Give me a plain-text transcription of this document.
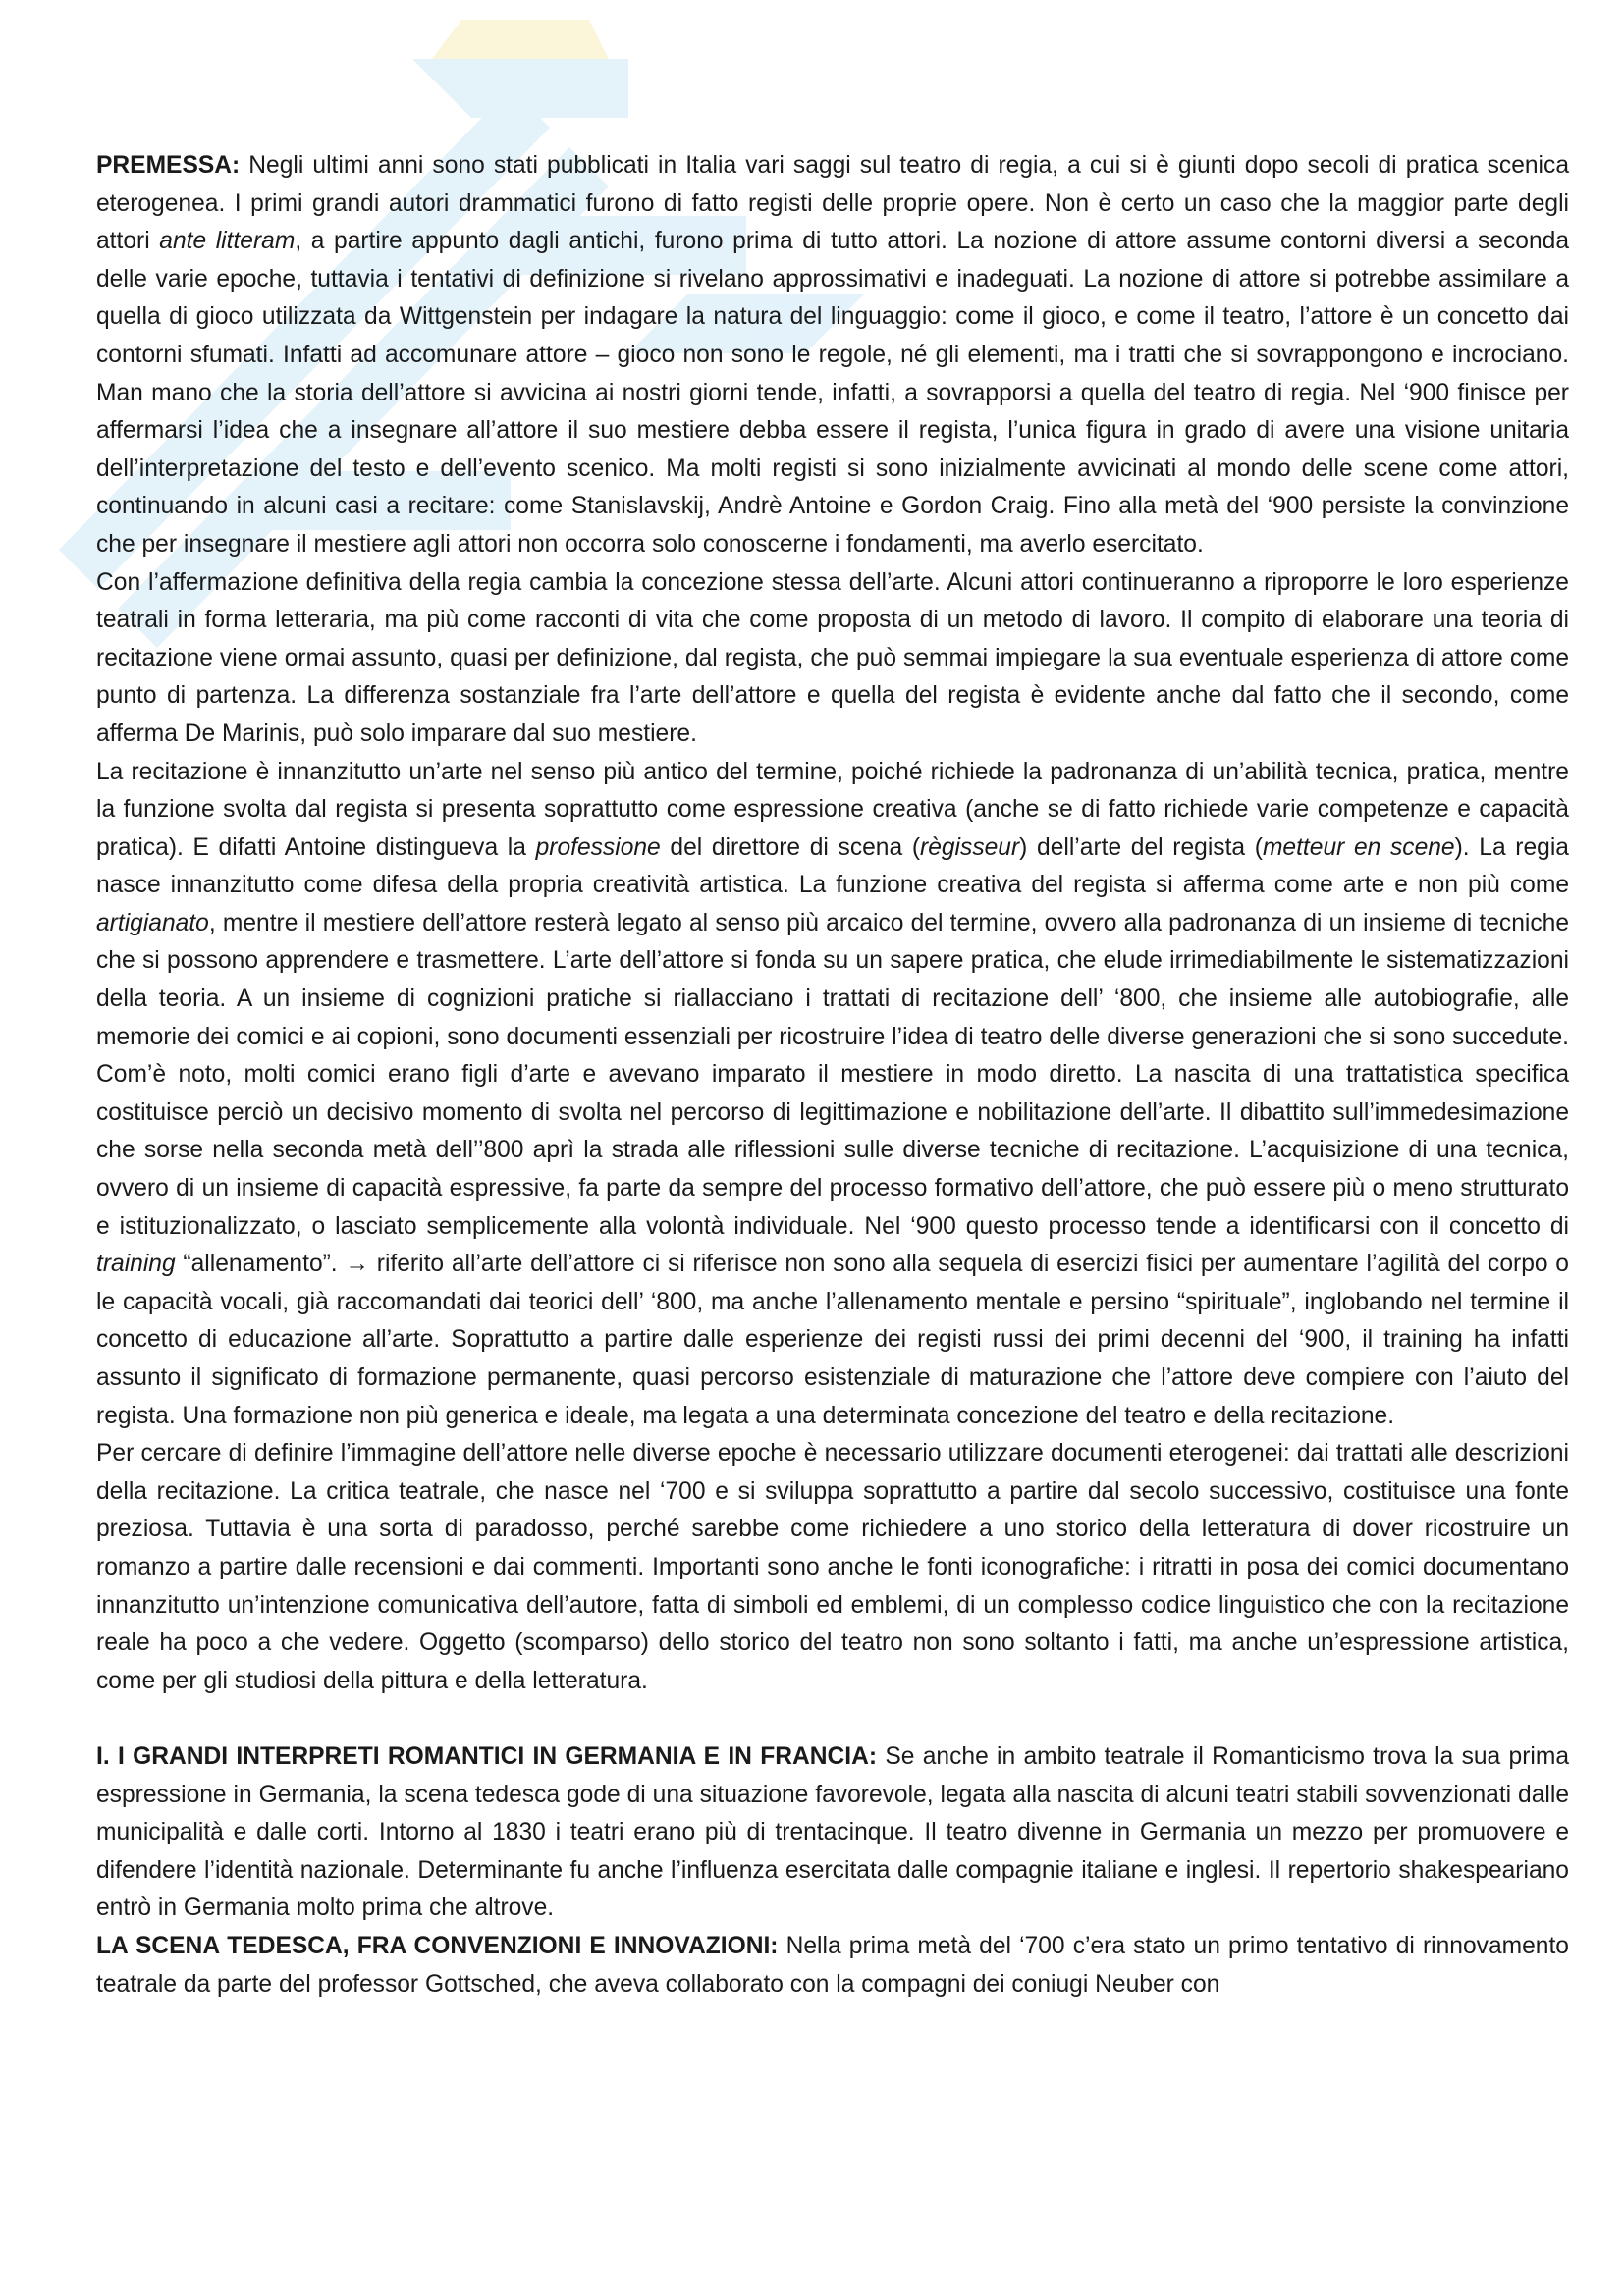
PREMESSA: Negli ultimi anni sono stati pubblicati in Italia vari saggi sul teatro di regia, a cui si è giunti dopo secoli di pratica scenica eterogenea. I primi grandi autori drammatici furono di fatto registi delle proprie opere. Non è certo un caso che la maggior parte degli attori ante litteram, a partire appunto dagli antichi, furono prima di tutto attori. La nozione di attore assume contorni diversi a seconda delle varie epoche, tuttavia i tentativi di definizione si rivelano approssimativi e inadeguati. La nozione di attore si potrebbe assimilare a quella di gioco utilizzata da Wittgenstein per indagare la natura del linguaggio: come il gioco, e come il teatro, l’attore è un concetto dai contorni sfumati. Infatti ad accomunare attore – gioco non sono le regole, né gli elementi, ma i tratti che si sovrappongono e incrociano. Man mano che la storia dell’attore si avvicina ai nostri giorni tende, infatti, a sovrapporsi a quella del teatro di regia. Nel ‘900 finisce per affermarsi l’idea che a insegnare all’attore il suo mestiere debba essere il regista, l’unica figura in grado di avere una visione unitaria dell’interpretazione del testo e dell’evento scenico. Ma molti registi si sono inizialmente avvicinati al mondo delle scene come attori, continuando in alcuni casi a recitare: come Stanislavskij, Andrè Antoine e Gordon Craig. Fino alla metà del ‘900 persiste la convinzione che per insegnare il mestiere agli attori non occorra solo conoscerne i fondamenti, ma averlo esercitato.

Con l’affermazione definitiva della regia cambia la concezione stessa dell’arte. Alcuni attori continueranno a riproporre le loro esperienze teatrali in forma letteraria, ma più come racconti di vita che come proposta di un metodo di lavoro. Il compito di elaborare una teoria di recitazione viene ormai assunto, quasi per definizione, dal regista, che può semmai impiegare la sua eventuale esperienza di attore come punto di partenza. La differenza sostanziale fra l’arte dell’attore e quella del regista è evidente anche dal fatto che il secondo, come afferma De Marinis, può solo imparare dal suo mestiere.

La recitazione è innanzitutto un’arte nel senso più antico del termine, poiché richiede la padronanza di un’abilità tecnica, pratica, mentre la funzione svolta dal regista si presenta soprattutto come espressione creativa (anche se di fatto richiede varie competenze e capacità pratica). E difatti Antoine distingueva la professione del direttore di scena (règisseur) dell’arte del regista (metteur en scene). La regia nasce innanzitutto come difesa della propria creatività artistica. La funzione creativa del regista si afferma come arte e non più come artigianato, mentre il mestiere dell’attore resterà legato al senso più arcaico del termine, ovvero alla padronanza di un insieme di tecniche che si possono apprendere e trasmettere. L’arte dell’attore si fonda su un sapere pratica, che elude irrimediabilmente le sistematizzazioni della teoria. A un insieme di cognizioni pratiche si riallacciano i trattati di recitazione dell’ ‘800, che insieme alle autobiografie, alle memorie dei comici e ai copioni, sono documenti essenziali per ricostruire l’idea di teatro delle diverse generazioni che si sono succedute. Com’è noto, molti comici erano figli d’arte e avevano imparato il mestiere in modo diretto. La nascita di una trattatistica specifica costituisce perciò un decisivo momento di svolta nel percorso di legittimazione e nobilitazione dell’arte. Il dibattito sull’immedesimazione che sorse nella seconda metà dell’’800 aprì la strada alle riflessioni sulle diverse tecniche di recitazione. L’acquisizione di una tecnica, ovvero di un insieme di capacità espressive, fa parte da sempre del processo formativo dell’attore, che può essere più o meno strutturato e istituzionalizzato, o lasciato semplicemente alla volontà individuale. Nel ‘900 questo processo tende a identificarsi con il concetto di training “allenamento”. → riferito all’arte dell’attore ci si riferisce non sono alla sequela di esercizi fisici per aumentare l’agilità del corpo o le capacità vocali, già raccomandati dai teorici dell’ ‘800, ma anche l’allenamento mentale e persino “spirituale”, inglobando nel termine il concetto di educazione all’arte. Soprattutto a partire dalle esperienze dei registi russi dei primi decenni del ‘900, il training ha infatti assunto il significato di formazione permanente, quasi percorso esistenziale di maturazione che l’attore deve compiere con l’aiuto del regista. Una formazione non più generica e ideale, ma legata a una determinata concezione del teatro e della recitazione.

Per cercare di definire l’immagine dell’attore nelle diverse epoche è necessario utilizzare documenti eterogenei: dai trattati alle descrizioni della recitazione. La critica teatrale, che nasce nel ‘700 e si sviluppa soprattutto a partire dal secolo successivo, costituisce una fonte preziosa. Tuttavia è una sorta di paradosso, perché sarebbe come richiedere a uno storico della letteratura di dover ricostruire un romanzo a partire dalle recensioni e dai commenti. Importanti sono anche le fonti iconografiche: i ritratti in posa dei comici documentano innanzitutto un’intenzione comunicativa dell’autore, fatta di simboli ed emblemi, di un complesso codice linguistico che con la recitazione reale ha poco a che vedere. Oggetto (scomparso) dello storico del teatro non sono soltanto i fatti, ma anche un’espressione artistica, come per gli studiosi della pittura e della letteratura.

I. I GRANDI INTERPRETI ROMANTICI IN GERMANIA E IN FRANCIA: Se anche in ambito teatrale il Romanticismo trova la sua prima espressione in Germania, la scena tedesca gode di una situazione favorevole, legata alla nascita di alcuni teatri stabili sovvenzionati dalle municipalità e dalle corti. Intorno al 1830 i teatri erano più di trentacinque. Il teatro divenne in Germania un mezzo per promuovere e difendere l’identità nazionale. Determinante fu anche l’influenza esercitata dalle compagnie italiane e inglesi. Il repertorio shakespeariano entrò in Germania molto prima che altrove.

LA SCENA TEDESCA, FRA CONVENZIONI E INNOVAZIONI: Nella prima metà del ‘700 c’era stato un primo tentativo di rinnovamento teatrale da parte del professor Gottsched, che aveva collaborato con la compagni dei coniugi Neuber con
